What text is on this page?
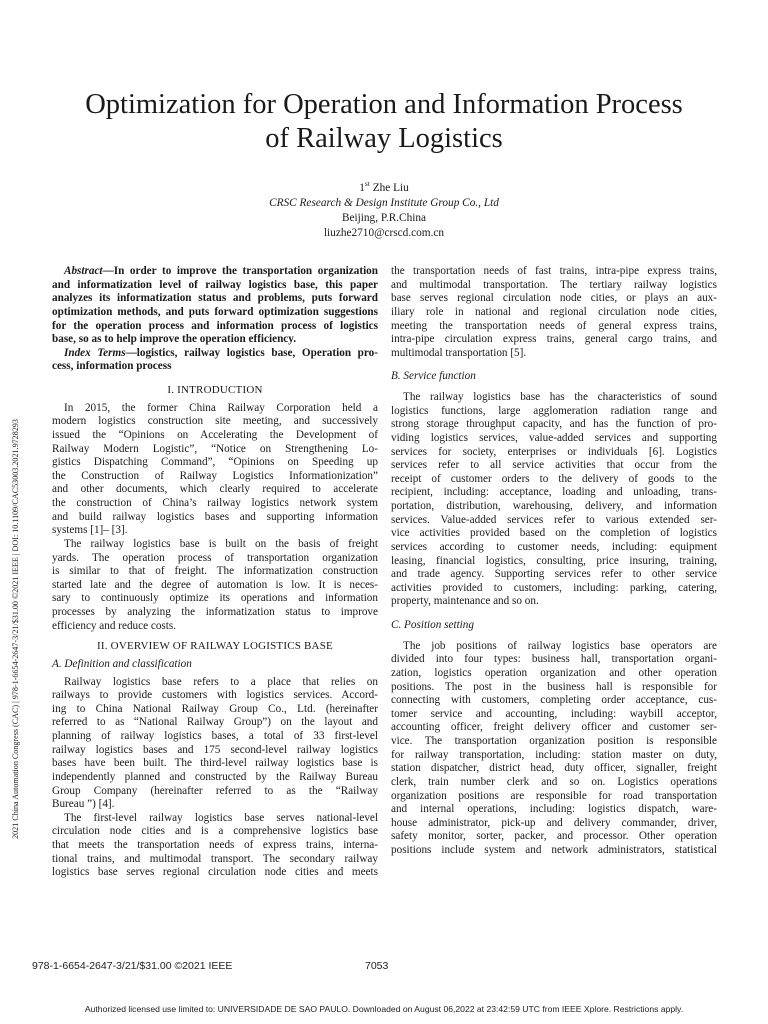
2021 China Automation Congress (CAC) | 978-1-6654-2647-3/21/$31.00 ©2021 IEEE | DOI: 10.1109/CAC53003.2021.9728293
Optimization for Operation and Information Process
of Railway Logistics
1st Zhe Liu
CRSC Research & Design Institute Group Co., Ltd
Beijing, P.R.China
liuzhe2710@crscd.com.cn
Abstract—In order to improve the transportation organization
and informatization level of railway logistics base, this paper
analyzes its informatization status and problems, puts forward
optimization methods, and puts forward optimization suggestions
for the operation process and information process of logistics
base, so as to help improve the operation efficiency.
Index Terms—logistics, railway logistics base, Operation pro-
cess, information process
I. INTRODUCTION
In 2015, the former China Railway Corporation held a
modern logistics construction site meeting, and successively
issued the “Opinions on Accelerating the Development of
Railway Modern Logistic”, “Notice on Strengthening Lo-
gistics Dispatching Command”, “Opinions on Speeding up
the Construction of Railway Logistics Informationization”
and other documents, which clearly required to accelerate
the construction of China’s railway logistics network system
and build railway logistics bases and supporting information
systems [1]– [3].
The railway logistics base is built on the basis of freight
yards. The operation process of transportation organization
is similar to that of freight. The informatization construction
started late and the degree of automation is low. It is neces-
sary to continuously optimize its operations and information
processes by analyzing the informatization status to improve
efficiency and reduce costs.
II. OVERVIEW OF RAILWAY LOGISTICS BASE
A. Definition and classification
Railway logistics base refers to a place that relies on
railways to provide customers with logistics services. Accord-
ing to China National Railway Group Co., Ltd. (hereinafter
referred to as “National Railway Group”) on the layout and
planning of railway logistics bases, a total of 33 first-level
railway logistics bases and 175 second-level railway logistics
bases have been built. The third-level railway logistics base is
independently planned and constructed by the Railway Bureau
Group Company (hereinafter referred to as the “Railway
Bureau ”) [4].
The first-level railway logistics base serves national-level
circulation node cities and is a comprehensive logistics base
that meets the transportation needs of express trains, interna-
tional trains, and multimodal transport. The secondary railway
logistics base serves regional circulation node cities and meets
the transportation needs of fast trains, intra-pipe express trains,
and multimodal transportation. The tertiary railway logistics
base serves regional circulation node cities, or plays an aux-
iliary role in national and regional circulation node cities,
meeting the transportation needs of general express trains,
intra-pipe circulation express trains, general cargo trains, and
multimodal transportation [5].
B. Service function
The railway logistics base has the characteristics of sound
logistics functions, large agglomeration radiation range and
strong storage throughput capacity, and has the function of pro-
viding logistics services, value-added services and supporting
services for society, enterprises or individuals [6]. Logistics
services refer to all service activities that occur from the
receipt of customer orders to the delivery of goods to the
recipient, including: acceptance, loading and unloading, trans-
portation, distribution, warehousing, delivery, and information
services. Value-added services refer to various extended ser-
vice activities provided based on the completion of logistics
services according to customer needs, including: equipment
leasing, financial logistics, consulting, price insuring, training,
and trade agency. Supporting services refer to other service
activities provided to customers, including: parking, catering,
property, maintenance and so on.
C. Position setting
The job positions of railway logistics base operators are
divided into four types: business hall, transportation organi-
zation, logistics operation organization and other operation
positions. The post in the business hall is responsible for
connecting with customers, completing order acceptance, cus-
tomer service and accounting, including: waybill acceptor,
accounting officer, freight delivery officer and customer ser-
vice. The transportation organization position is responsible
for railway transportation, including: station master on duty,
station dispatcher, district head, duty officer, signaller, freight
clerk, train number clerk and so on. Logistics operations
organization positions are responsible for road transportation
and internal operations, including: logistics dispatch, ware-
house administrator, pick-up and delivery commander, driver,
safety monitor, sorter, packer, and processor. Other operation
positions include system and network administrators, statistical
978-1-6654-2647-3/21/$31.00 ©2021 IEEE	7053
Authorized licensed use limited to: UNIVERSIDADE DE SAO PAULO. Downloaded on August 06,2022 at 23:42:59 UTC from IEEE Xplore. Restrictions apply.
